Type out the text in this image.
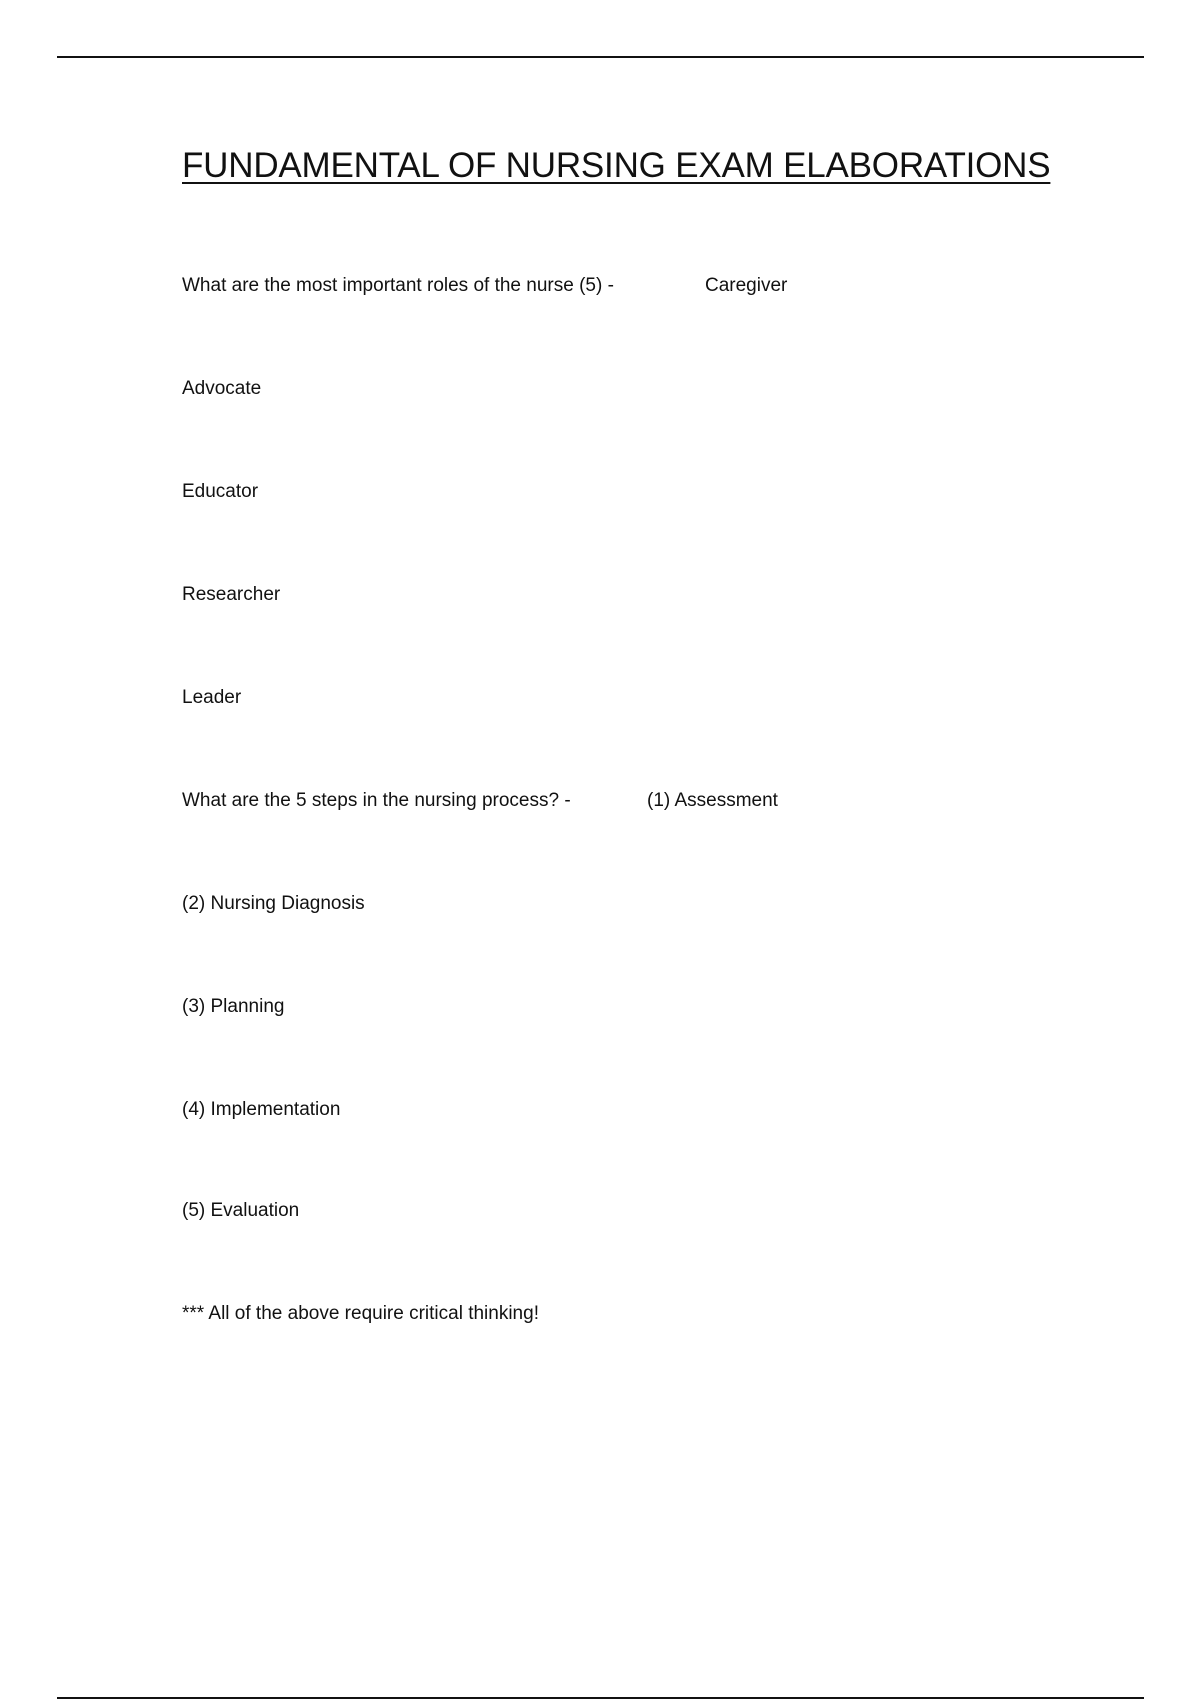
FUNDAMENTAL OF NURSING EXAM ELABORATIONS
What are the most important roles of the nurse (5) -	Caregiver
Advocate
Educator
Researcher
Leader
What are the 5 steps in the nursing process? -	(1) Assessment
(2) Nursing Diagnosis
(3) Planning
(4) Implementation
(5) Evaluation
*** All of the above require critical thinking!
